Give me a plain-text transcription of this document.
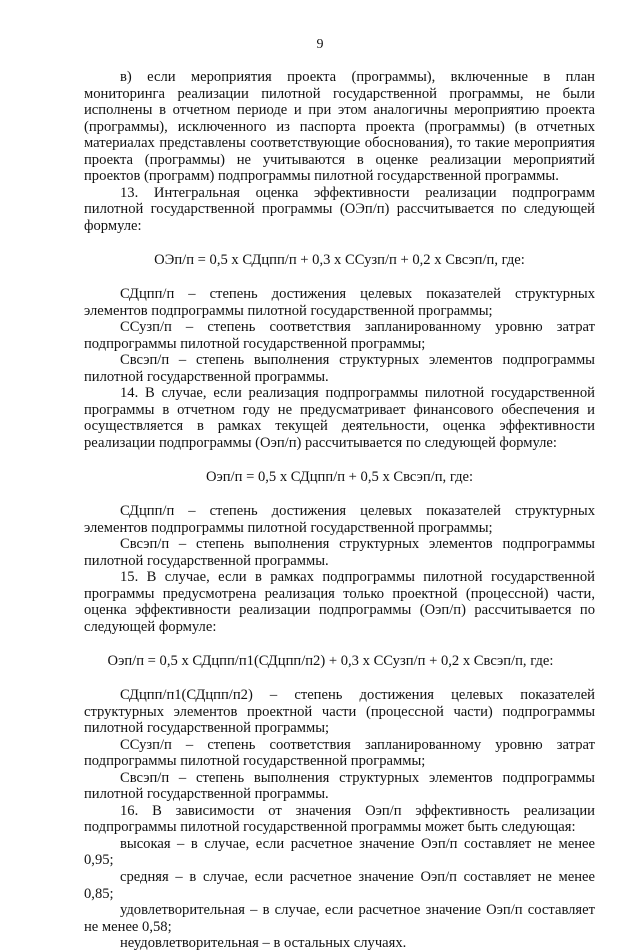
9

в) если мероприятия проекта (программы), включенные в план мониторинга реализации пилотной государственной программы, не были исполнены в отчетном периоде и при этом аналогичны мероприятию проекта (программы), исключенного из паспорта проекта (программы) (в отчетных материалах представлены соответствующие обоснования), то такие мероприятия проекта (программы) не учитываются в оценке реализации мероприятий проектов (программ) подпрограммы пилотной государственной программы.

13. Интегральная оценка эффективности реализации подпрограмм пилотной государственной программы (ОЭп/п) рассчитывается по следующей формуле:

ОЭп/п = 0,5 х СДцпп/п + 0,3 х ССузп/п + 0,2 х Свсэп/п, где:

СДцпп/п – степень достижения целевых показателей структурных элементов подпрограммы пилотной государственной программы;

ССузп/п – степень соответствия запланированному уровню затрат подпрограммы пилотной государственной программы;

Свсэп/п – степень выполнения структурных элементов подпрограммы пилотной государственной программы.

14. В случае, если реализация подпрограммы пилотной государственной программы в отчетном году не предусматривает финансового обеспечения и осуществляется в рамках текущей деятельности, оценка эффективности реализации подпрограммы (Оэп/п) рассчитывается по следующей формуле:

Оэп/п = 0,5 х СДцпп/п + 0,5 х Свсэп/п, где:

СДцпп/п – степень достижения целевых показателей структурных элементов подпрограммы пилотной государственной программы;

Свсэп/п – степень выполнения структурных элементов подпрограммы пилотной государственной программы.

15. В случае, если в рамках подпрограммы пилотной государственной программы предусмотрена реализация только проектной (процессной) части, оценка эффективности реализации подпрограммы (Оэп/п) рассчитывается по следующей формуле:

Оэп/п = 0,5 х СДцпп/п1(СДцпп/п2) + 0,3 х ССузп/п + 0,2 х Свсэп/п, где:

СДцпп/п1(СДцпп/п2) – степень достижения целевых показателей структурных элементов проектной части (процессной части) подпрограммы пилотной государственной программы;

ССузп/п – степень соответствия запланированному уровню затрат подпрограммы пилотной государственной программы;

Свсэп/п – степень выполнения структурных элементов подпрограммы пилотной государственной программы.

16. В зависимости от значения Оэп/п эффективность реализации подпрограммы пилотной государственной программы может быть следующая:

высокая – в случае, если расчетное значение Оэп/п составляет не менее 0,95;

средняя – в случае, если расчетное значение Оэп/п составляет не менее 0,85;

удовлетворительная – в случае, если расчетное значение Оэп/п составляет не менее 0,58;

неудовлетворительная – в остальных случаях.
